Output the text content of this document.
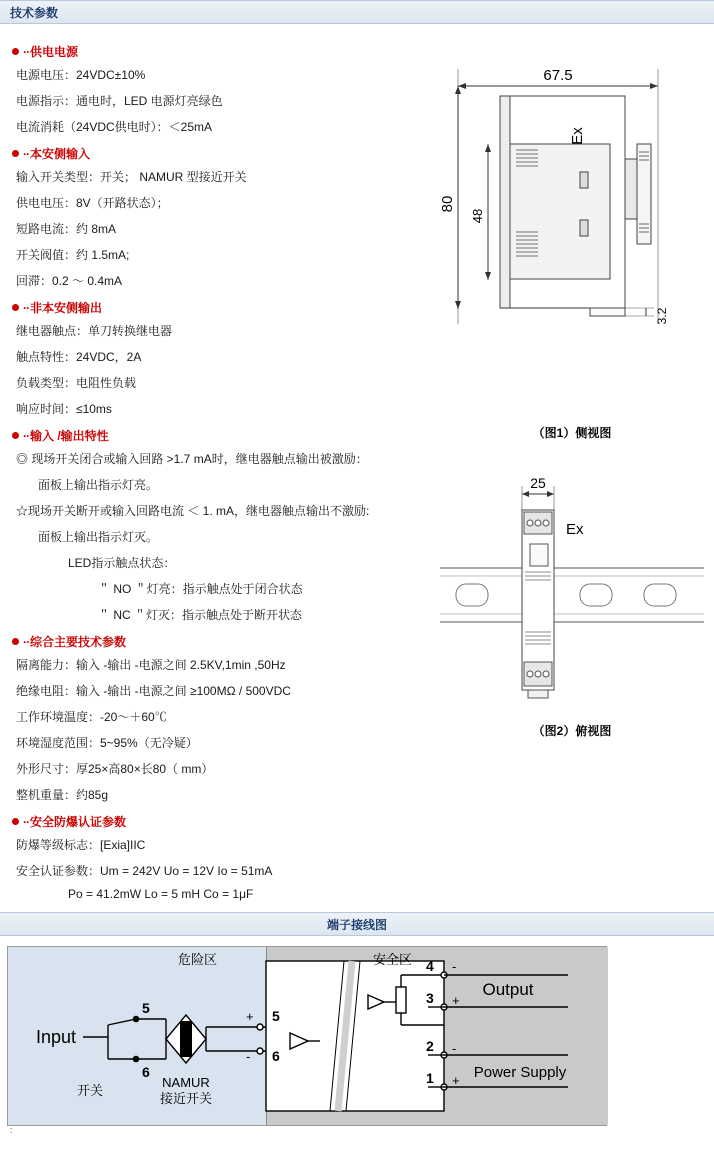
技术参数
·· 供电电源
电源电压：24VDC±10%
电源指示：通电时，LED 电源灯亮绿色
电流消耗（24VDC供电时）：＜25mA
·· 本安侧输入
输入开关类型：开关； NAMUR 型接近开关
供电电压：8V（开路状态）；
短路电流：约 8mA
开关阀值：约 1.5mA;
回滞：0.2 ～ 0.4mA
·· 非本安侧输出
继电器触点：单刀转换继电器
触点特性：24VDC，2A
负载类型：电阻性负载
响应时间：≤10ms
·· 输入 /输出特性
◎ 现场开关闭合或输入回路 >1.7 mA时，继电器触点输出被激励：
面板上输出指示灯亮。
☆现场开关断开或输入回路电流 ＜ 1. mA，继电器触点输出不激励:
面板上输出指示灯灭。
LED指示触点状态：
＂ NO ＂灯亮：指示触点处于闭合状态
＂ NC ＂灯灭：指示触点处于断开状态
·· 综合主要技术参数
隔离能力：输入 -输出 -电源之间 2.5KV,1min ,50Hz
绝缘电阻：输入 -输出 -电源之间 ≥100MΩ / 500VDC
工作环境温度：-20～＋60℃
环境湿度范围：5~95%（无冷疑）
外形尺寸：厚25×高80×长80（ mm）
整机重量：约85g
·· 安全防爆认证参数
防爆等级标志：[Exia]IIC
安全认证参数：Um = 242V Uo = 12V Io = 51mA
Po = 41.2mW Lo = 5 mH Co = 1μF
67.5
80
48
3.2
Ex
（图1）侧视图
25
Ex
（图2）俯视图
端子接线图
Input
5
6
+
-
5
6
4
3
2
1
-
+
-
+
Output
Power Supply
开关
NAMUR
接近开关
危险区	安全区
:
